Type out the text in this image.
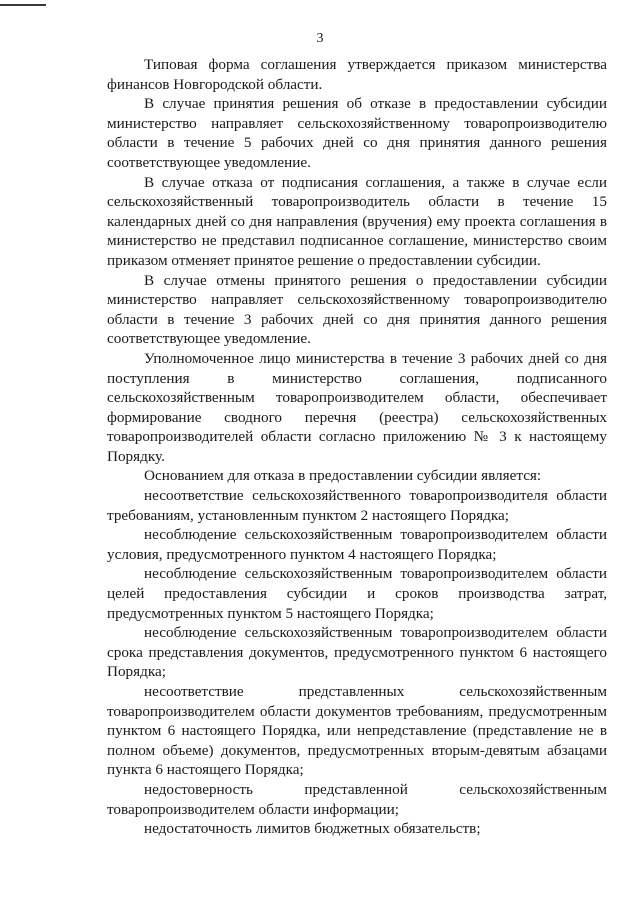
3

Типовая форма соглашения утверждается приказом министерства финансов Новгородской области.

В случае принятия решения об отказе в предоставлении субсидии министерство направляет сельскохозяйственному товаропроизводителю области в течение 5 рабочих дней со дня принятия данного решения соответствующее уведомление.

В случае отказа от подписания соглашения, а также в случае если сельскохозяйственный товаропроизводитель области в течение 15 календарных дней со дня направления (вручения) ему проекта соглашения в министерство не представил подписанное соглашение, министерство своим приказом отменяет принятое решение о предоставлении субсидии.

В случае отмены принятого решения о предоставлении субсидии министерство направляет сельскохозяйственному товаропроизводителю области в течение 3 рабочих дней со дня принятия данного решения соответствующее уведомление.

Уполномоченное лицо министерства в течение 3 рабочих дней со дня поступления в министерство соглашения, подписанного сельскохозяйственным товаропроизводителем области, обеспечивает формирование сводного перечня (реестра) сельскохозяйственных товаропроизводителей области согласно приложению № 3 к настоящему Порядку.

Основанием для отказа в предоставлении субсидии является:

несоответствие сельскохозяйственного товаропроизводителя области требованиям, установленным пунктом 2 настоящего Порядка;

несоблюдение сельскохозяйственным товаропроизводителем области условия, предусмотренного пунктом 4 настоящего Порядка;

несоблюдение сельскохозяйственным товаропроизводителем области целей предоставления субсидии и сроков производства затрат, предусмотренных пунктом 5 настоящего Порядка;

несоблюдение сельскохозяйственным товаропроизводителем области срока представления документов, предусмотренного пунктом 6 настоящего Порядка;

несоответствие представленных сельскохозяйственным товаропроизводителем области документов требованиям, предусмотренным пунктом 6 настоящего Порядка, или непредставление (представление не в полном объеме) документов, предусмотренных вторым-девятым абзацами пункта 6 настоящего Порядка;

недостоверность представленной сельскохозяйственным товаропроизводителем области информации;

недостаточность лимитов бюджетных обязательств;
